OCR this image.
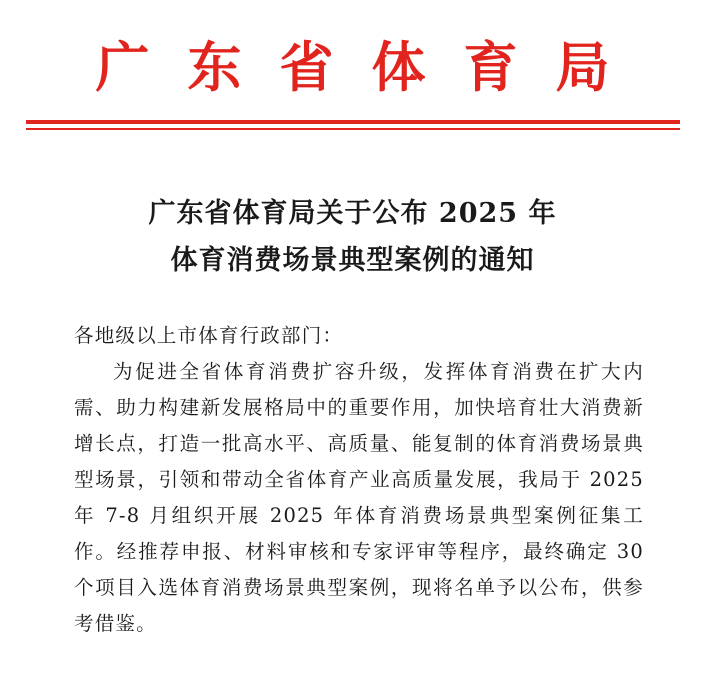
广 东 省 体 育 局
广东省体育局关于公布 2025 年
体育消费场景典型案例的通知

各地级以上市体育行政部门：

为促进全省体育消费扩容升级，发挥体育消费在扩大内需、助力构建新发展格局中的重要作用，加快培育壮大消费新增长点，打造一批高水平、高质量、能复制的体育消费场景典型场景，引领和带动全省体育产业高质量发展，我局于 2025 年 7-8 月组织开展 2025 年体育消费场景典型案例征集工作。经推荐申报、材料审核和专家评审等程序，最终确定 30 个项目入选体育消费场景典型案例，现将名单予以公布，供参考借鉴。
